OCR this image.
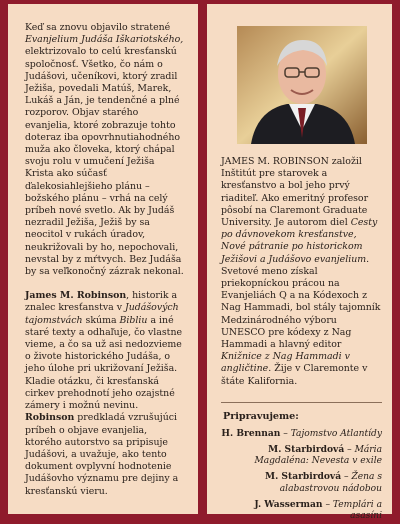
Keď sa znovu objavilo stratené Evanjelium Judáša Iškariotského, elektrizovalo to celú kresťanskú spoločnosť. Všetko, čo nám o Judášovi, učeníkovi, ktorý zradil Ježiša, povedali Matúš, Marek, Lukáš a Ján, je tendenčné a plné rozporov. Objav starého evanjelia, ktoré zobrazuje tohto doteraz iba opovrhnutiahodného muža ako človeka, ktorý chápal svoju rolu v umučení Ježiša Krista ako súčasť ďalekosiahlejšieho plánu – božského plánu – vrhá na celý príbeh nové svetlo. Ak by Judáš nezradil Ježiša, Ježiš by sa neocitol v rukách úradov, neukrižovali by ho, nepochovali, nevstal by z mŕtvych. Bez Judáša by sa veľkonočný zázrak nekonal.

James M. Robinson, historik a znalec kresťanstva v Judášových tajomstvách skúma Bibliu a iné staré texty a odhaľuje, čo vlastne vieme, a čo sa už asi nedozvieme o živote historického Judáša, o jeho úlohe pri ukrižovaní Ježiša. Kladie otázku, či kresťanská cirkev prehodnotí jeho ozajstné zámery i možnú nevinu. Robinson predkladá vzrušujúci príbeh o objave evanjelia, ktorého autorstvo sa pripisuje Judášovi, a uvažuje, ako tento dokument ovplyvní hodnotenie Judášovho významu pre dejiny a kresťanskú vieru.

JAMES M. ROBINSON založil Inštitút pre starovek a kresťanstvo a bol jeho prvý riaditeľ. Ako emeritný profesor pôsobí na Claremont Graduate University. Je autorom diel Cesty po dávnovekom kresťanstve, Nové pátranie po historickom Ježišovi a Judášovo evanjelium. Svetové meno získal priekopníckou prácou na Evanjeliách Q a na Kódexoch z Nag Hammadi, bol stály tajomník Medzinárodného výboru UNESCO pre kódexy z Nag Hammadi a hlavný editor Knižnice z Nag Hammadi v angličtine. Žije v Claremonte v štáte Kalifornia.

Pripravujeme:
H. Brennan – Tajomstvo Atlantídy
M. Starbirdová – Mária Magdaléna: Nevesta v exile
M. Starbirdová – Žena s alabastrovou nádobou
J. Wasserman – Templári a asasíni
